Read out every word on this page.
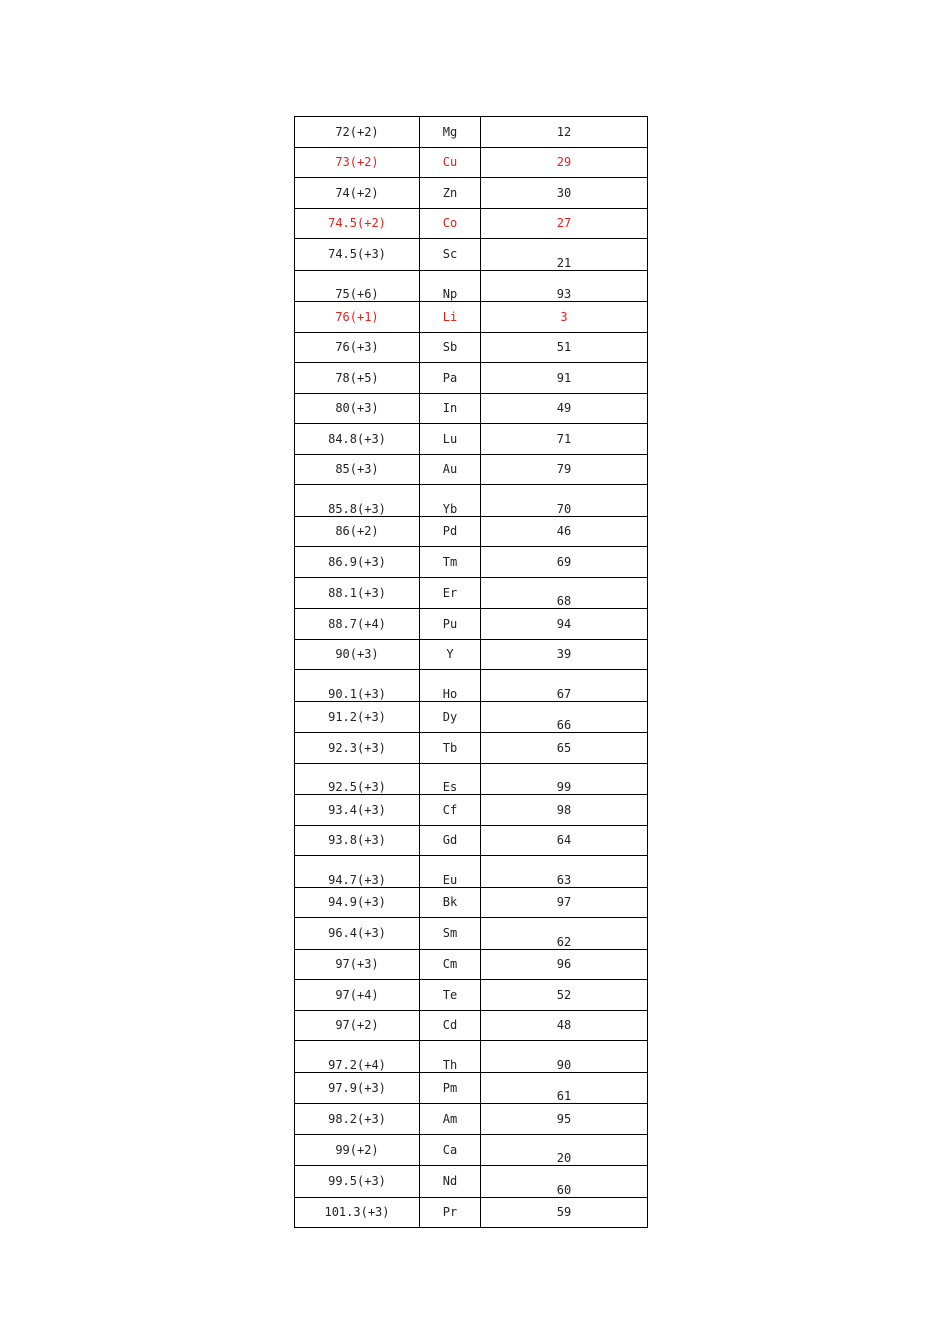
72(+2)	Mg	12
73(+2)	Cu	29
74(+2)	Zn	30
74.5(+2)	Co	27
74.5(+3)	Sc	21
75(+6)	Np	93
76(+1)	Li	3
76(+3)	Sb	51
78(+5)	Pa	91
80(+3)	In	49
84.8(+3)	Lu	71
85(+3)	Au	79
85.8(+3)	Yb	70
86(+2)	Pd	46
86.9(+3)	Tm	69
88.1(+3)	Er	68
88.7(+4)	Pu	94
90(+3)	Y	39
90.1(+3)	Ho	67
91.2(+3)	Dy	66
92.3(+3)	Tb	65
92.5(+3)	Es	99
93.4(+3)	Cf	98
93.8(+3)	Gd	64
94.7(+3)	Eu	63
94.9(+3)	Bk	97
96.4(+3)	Sm	62
97(+3)	Cm	96
97(+4)	Te	52
97(+2)	Cd	48
97.2(+4)	Th	90
97.9(+3)	Pm	61
98.2(+3)	Am	95
99(+2)	Ca	20
99.5(+3)	Nd	60
101.3(+3)	Pr	59
